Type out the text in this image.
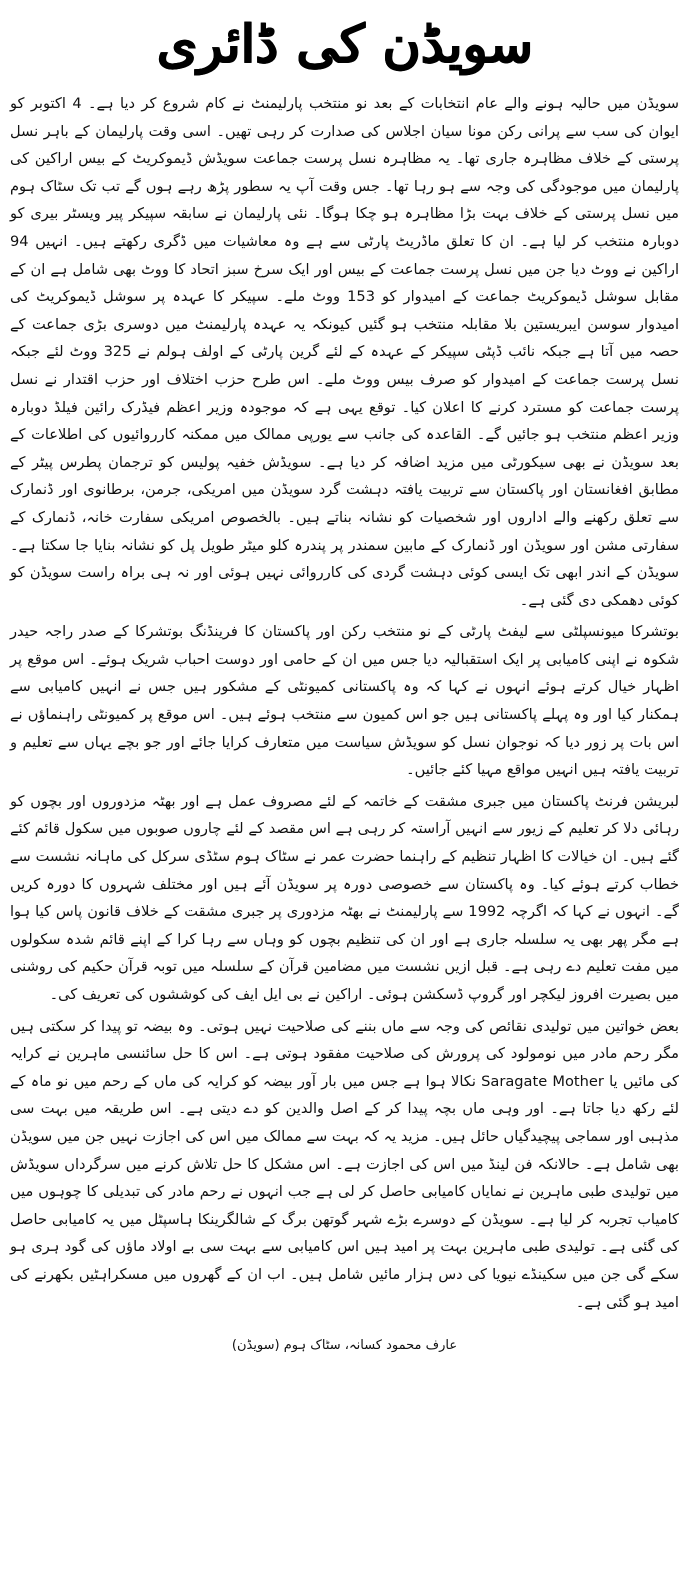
سویڈن کی ڈائری

سویڈن میں حالیہ ہونے والے عام انتخابات کے بعد نو منتخب پارلیمنٹ نے کام شروع کر دیا ہے۔ 4 اکتوبر کو ایوان کی سب سے پرانی رکن مونا سیان اجلاس کی صدارت کر رہی تھیں۔ اسی وقت پارلیمان کے باہر نسل پرستی کے خلاف مظاہرہ جاری تھا۔ یہ مظاہرہ نسل پرست جماعت سویڈش ڈیموکریٹ کے بیس اراکین کی پارلیمان میں موجودگی کی وجہ سے ہو رہا تھا۔ جس وقت آپ یہ سطور پڑھ رہے ہوں گے تب تک سٹاک ہوم میں نسل پرستی کے خلاف بہت بڑا مظاہرہ ہو چکا ہوگا۔ نئی پارلیمان نے سابقہ سپیکر پیر ویسٹر بیری کو دوبارہ منتخب کر لیا ہے۔ ان کا تعلق ماڈریٹ پارٹی سے ہے وہ معاشیات میں ڈگری رکھتے ہیں۔ انہیں 94 اراکین نے ووٹ دیا جن میں نسل پرست جماعت کے بیس اور ایک سرخ سبز اتحاد کا ووٹ بھی شامل ہے ان کے مقابل سوشل ڈیموکریٹ جماعت کے امیدوار کو 153 ووٹ ملے۔ سپیکر کا عہدہ پر سوشل ڈیموکریٹ کی امیدوار سوسن ایبریستین بلا مقابلہ منتخب ہو گئیں کیونکہ یہ عہدہ پارلیمنٹ میں دوسری بڑی جماعت کے حصہ میں آتا ہے جبکہ نائب ڈپٹی سپیکر کے عہدہ کے لئے گرین پارٹی کے اولف ہولم نے 325 ووٹ لئے جبکہ نسل پرست جماعت کے امیدوار کو صرف بیس ووٹ ملے۔ اس طرح حزب اختلاف اور حزب اقتدار نے نسل پرست جماعت کو مسترد کرنے کا اعلان کیا۔ توقع یہی ہے کہ موجودہ وزیر اعظم فیڈرک رائین فیلڈ دوبارہ وزیر اعظم منتخب ہو جائیں گے۔ القاعدہ کی جانب سے یورپی ممالک میں ممکنہ کارروائیوں کی اطلاعات کے بعد سویڈن نے بھی سیکورٹی میں مزید اضافہ کر دیا ہے۔ سویڈش خفیہ پولیس کو ترجمان پطرس پیٹر کے مطابق افغانستان اور پاکستان سے تربیت یافتہ دہشت گرد سویڈن میں امریکی، جرمن، برطانوی اور ڈنمارک سے تعلق رکھنے والے اداروں اور شخصیات کو نشانہ بناتے ہیں۔ بالخصوص امریکی سفارت خانہ، ڈنمارک کے سفارتی مشن اور سویڈن اور ڈنمارک کے مابین سمندر پر پندرہ کلو میٹر طویل پل کو نشانہ بنایا جا سکتا ہے۔ سویڈن کے اندر ابھی تک ایسی کوئی دہشت گردی کی کارروائی نہیں ہوئی اور نہ ہی براہ راست سویڈن کو کوئی دھمکی دی گئی ہے۔

بوتشرکا میونسپلٹی سے لیفٹ پارٹی کے نو منتخب رکن اور پاکستان کا فرینڈنگ بوتشرکا کے صدر راجہ حیدر شکوہ نے اپنی کامیابی پر ایک استقبالیہ دیا جس میں ان کے حامی اور دوست احباب شریک ہوئے۔ اس موقع پر اظہار خیال کرتے ہوئے انہوں نے کہا کہ وہ پاکستانی کمیونٹی کے مشکور ہیں جس نے انہیں کامیابی سے ہمکنار کیا اور وہ پہلے پاکستانی ہیں جو اس کمیون سے منتخب ہوئے ہیں۔ اس موقع پر کمیونٹی راہنماؤں نے اس بات پر زور دیا کہ نوجوان نسل کو سویڈش سیاست میں متعارف کرایا جائے اور جو بچے یہاں سے تعلیم و تربیت یافتہ ہیں انہیں مواقع مہیا کئے جائیں۔

لبریشن فرنٹ پاکستان میں جبری مشقت کے خاتمہ کے لئے مصروف عمل ہے اور بھٹہ مزدوروں اور بچوں کو رہائی دلا کر تعلیم کے زیور سے انہیں آراستہ کر رہی ہے اس مقصد کے لئے چاروں صوبوں میں سکول قائم کئے گئے ہیں۔ ان خیالات کا اظہار تنظیم کے راہنما حضرت عمر نے سٹاک ہوم سٹڈی سرکل کی ماہانہ نشست سے خطاب کرتے ہوئے کیا۔ وہ پاکستان سے خصوصی دورہ پر سویڈن آئے ہیں اور مختلف شہروں کا دورہ کریں گے۔ انہوں نے کہا کہ اگرچہ 1992 سے پارلیمنٹ نے بھٹہ مزدوری پر جبری مشقت کے خلاف قانون پاس کیا ہوا ہے مگر پھر بھی یہ سلسلہ جاری ہے اور ان کی تنظیم بچوں کو وہاں سے رہا کرا کے اپنے قائم شدہ سکولوں میں مفت تعلیم دے رہی ہے۔ قبل ازیں نشست میں مضامین قرآن کے سلسلہ میں توبہ قرآن حکیم کی روشنی میں بصیرت افروز لیکچر اور گروپ ڈسکشن ہوئی۔ اراکین نے بی ایل ایف کی کوششوں کی تعریف کی۔

بعض خواتین میں تولیدی نقائص کی وجہ سے ماں بننے کی صلاحیت نہیں ہوتی۔ وہ بیضہ تو پیدا کر سکتی ہیں مگر رحم مادر میں نومولود کی پرورش کی صلاحیت مفقود ہوتی ہے۔ اس کا حل سائنسی ماہرین نے کرایہ کی مائیں یا Saragate Mother نکالا ہوا ہے جس میں بار آور بیضہ کو کرایہ کی ماں کے رحم میں نو ماہ کے لئے رکھ دیا جاتا ہے۔ اور وہی ماں بچہ پیدا کر کے اصل والدین کو دے دیتی ہے۔ اس طریقہ میں بہت سی مذہبی اور سماجی پیچیدگیاں حائل ہیں۔ مزید یہ کہ بہت سے ممالک میں اس کی اجازت نہیں جن میں سویڈن بھی شامل ہے۔ حالانکہ فن لینڈ میں اس کی اجازت ہے۔ اس مشکل کا حل تلاش کرنے میں سرگرداں سویڈش میں تولیدی طبی ماہرین نے نمایاں کامیابی حاصل کر لی ہے جب انہوں نے رحم مادر کی تبدیلی کا چوہوں میں کامیاب تجربہ کر لیا ہے۔ سویڈن کے دوسرے بڑے شہر گوتھن برگ کے شالگرینکا ہاسپٹل میں یہ کامیابی حاصل کی گئی ہے۔ تولیدی طبی ماہرین بہت پر امید ہیں اس کامیابی سے بہت سی بے اولاد ماؤں کی گود ہری ہو سکے گی جن میں سکینڈے نیویا کی دس ہزار مائیں شامل ہیں۔ اب ان کے گھروں میں مسکراہٹیں بکھرنے کی امید ہو گئی ہے۔

عارف محمود کسانہ، سٹاک ہوم (سویڈن)
